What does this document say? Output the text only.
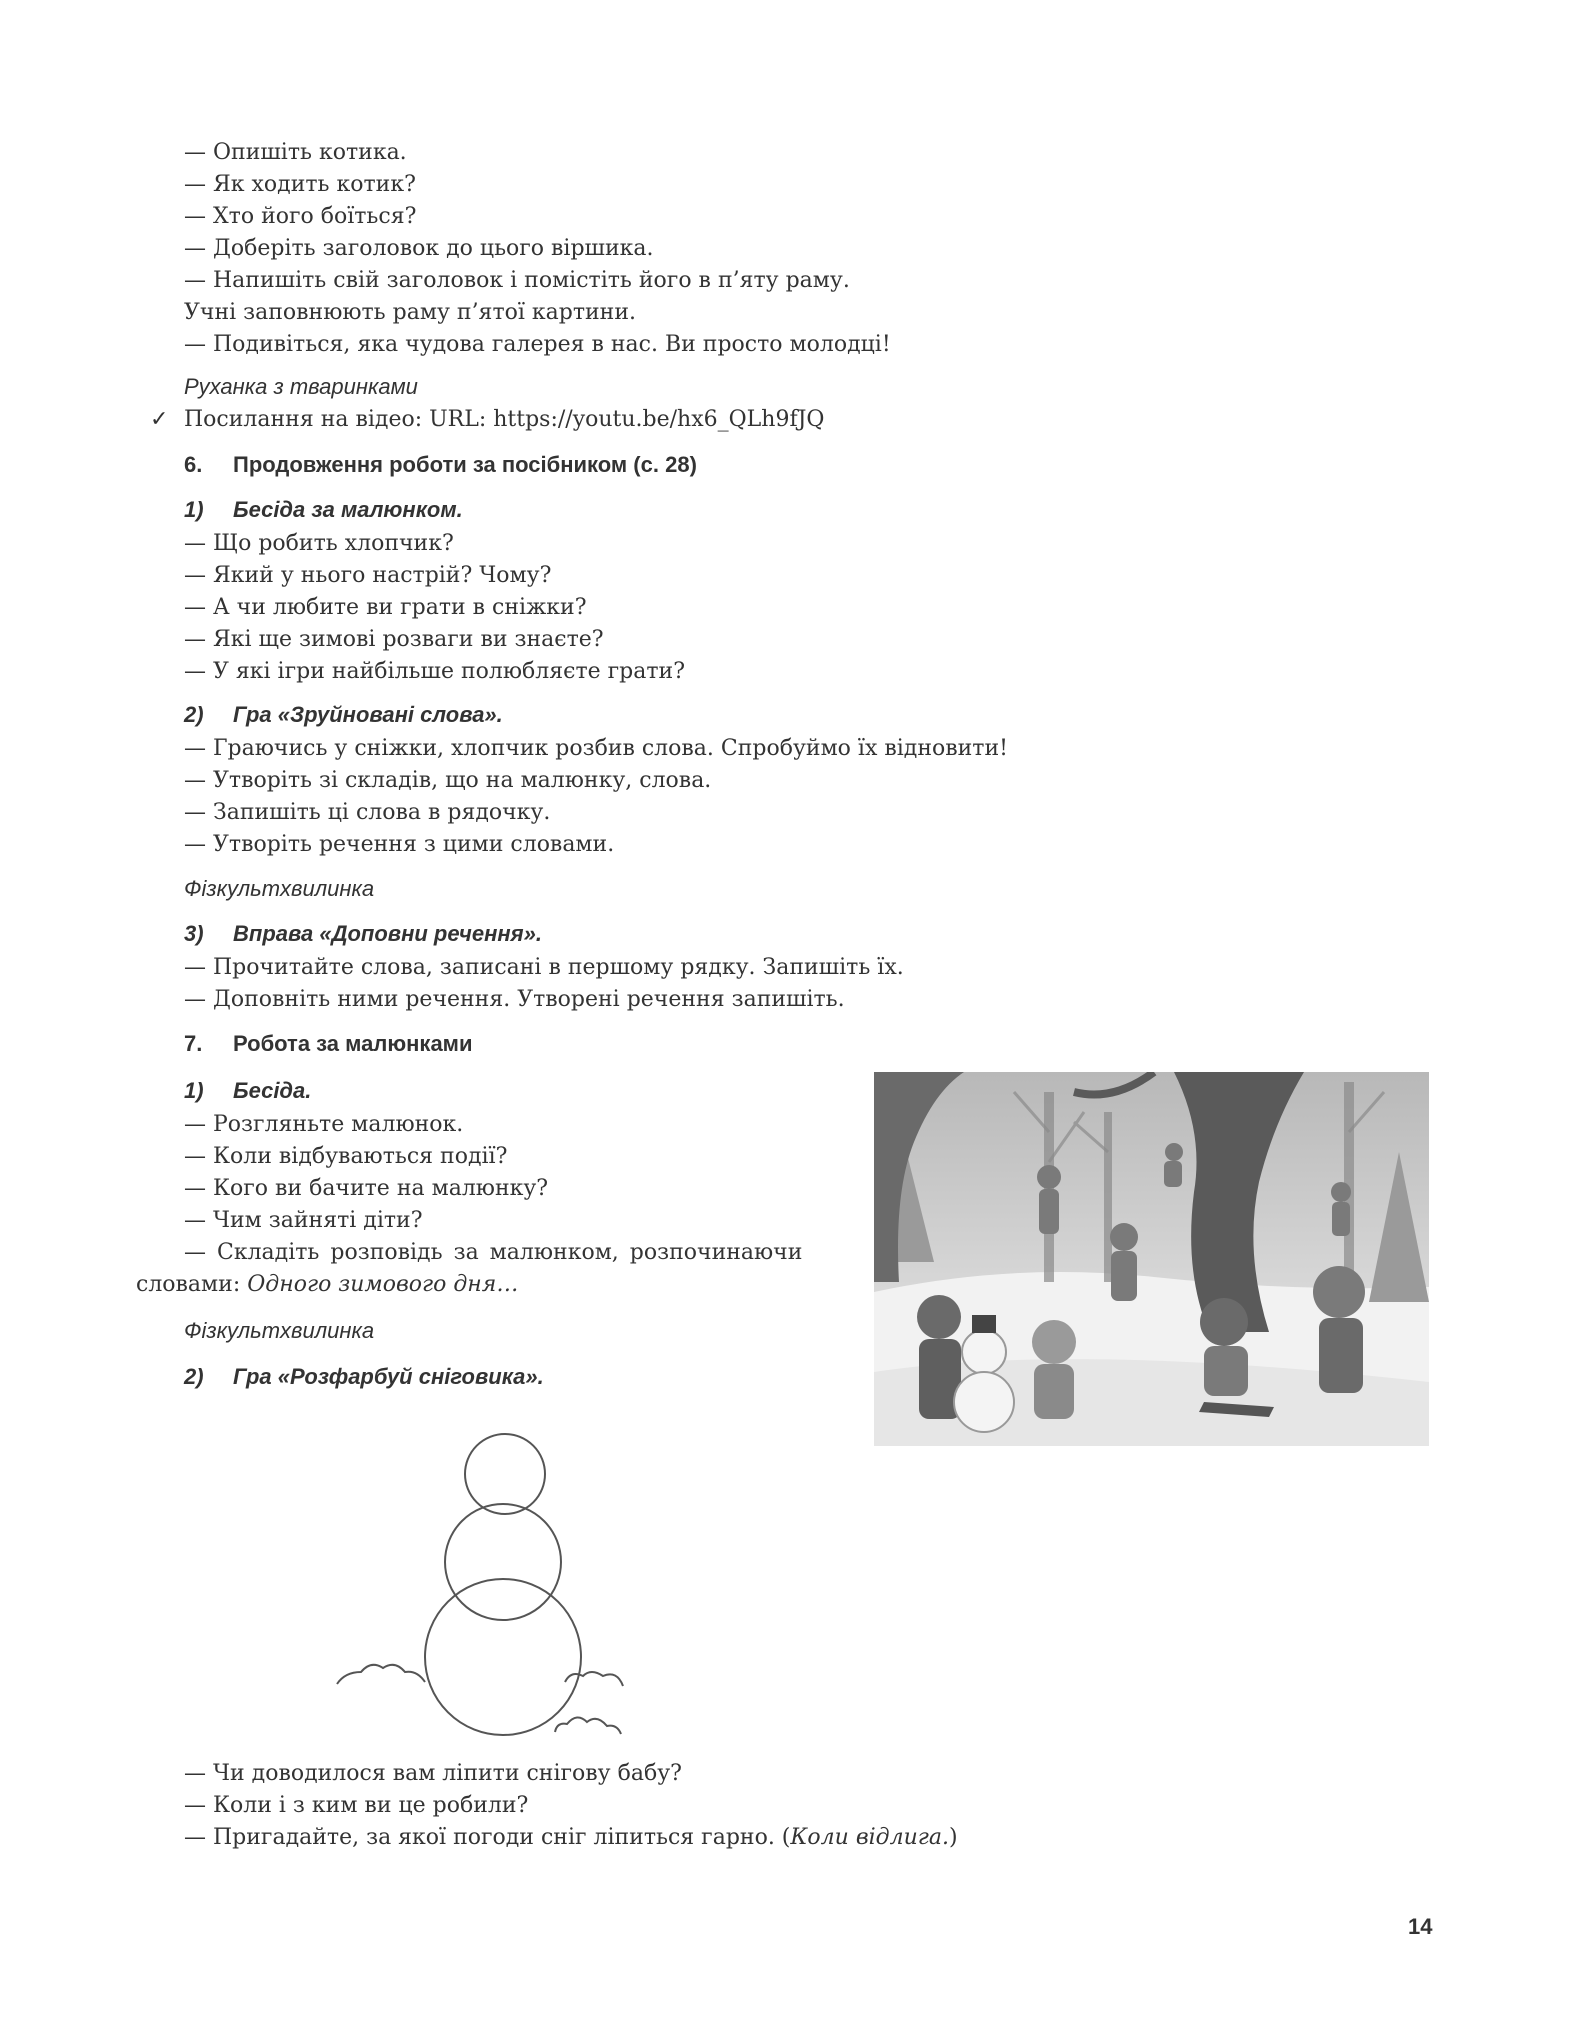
— Опишіть котика.
— Як ходить котик?
— Хто його боїться?
— Доберіть заголовок до цього віршика.
— Напишіть свій заголовок і помістіть його в п’яту раму.
Учні заповнюють раму п’ятої картини.
— Подивіться, яка чудова галерея в нас. Ви просто молодці!
Руханка з тваринками
✓ Посилання на відео: URL: https://youtu.be/hx6_QLh9fJQ
6. Продовження роботи за посібником (с. 28)
1) Бесіда за малюнком.
— Що робить хлопчик?
— Який у нього настрій? Чому?
— А чи любите ви грати в сніжки?
— Які ще зимові розваги ви знаєте?
— У які ігри найбільше полюбляєте грати?
2) Гра «Зруйновані слова».
— Граючись у сніжки, хлопчик розбив слова. Спробуймо їх відновити!
— Утворіть зі складів, що на малюнку, слова.
— Запишіть ці слова в рядочку.
— Утворіть речення з цими словами.
Фізкультхвилинка
3) Вправа «Доповни речення».
— Прочитайте слова, записані в першому рядку. Запишіть їх.
— Доповніть ними речення. Утворені речення запишіть.
7. Робота за малюнками
1) Бесіда.
— Розгляньте малюнок.
— Коли відбуваються події?
— Кого ви бачите на малюнку?
— Чим зайняті діти?
— Складіть розповідь за малюнком, розпочинаючи
словами: Одного зимового дня…
Фізкультхвилинка
2) Гра «Розфарбуй сніговика».
— Чи доводилося вам ліпити снігову бабу?
— Коли і з ким ви це робили?
— Пригадайте, за якої погоди сніг ліпиться гарно. (Коли відлига.)
14
